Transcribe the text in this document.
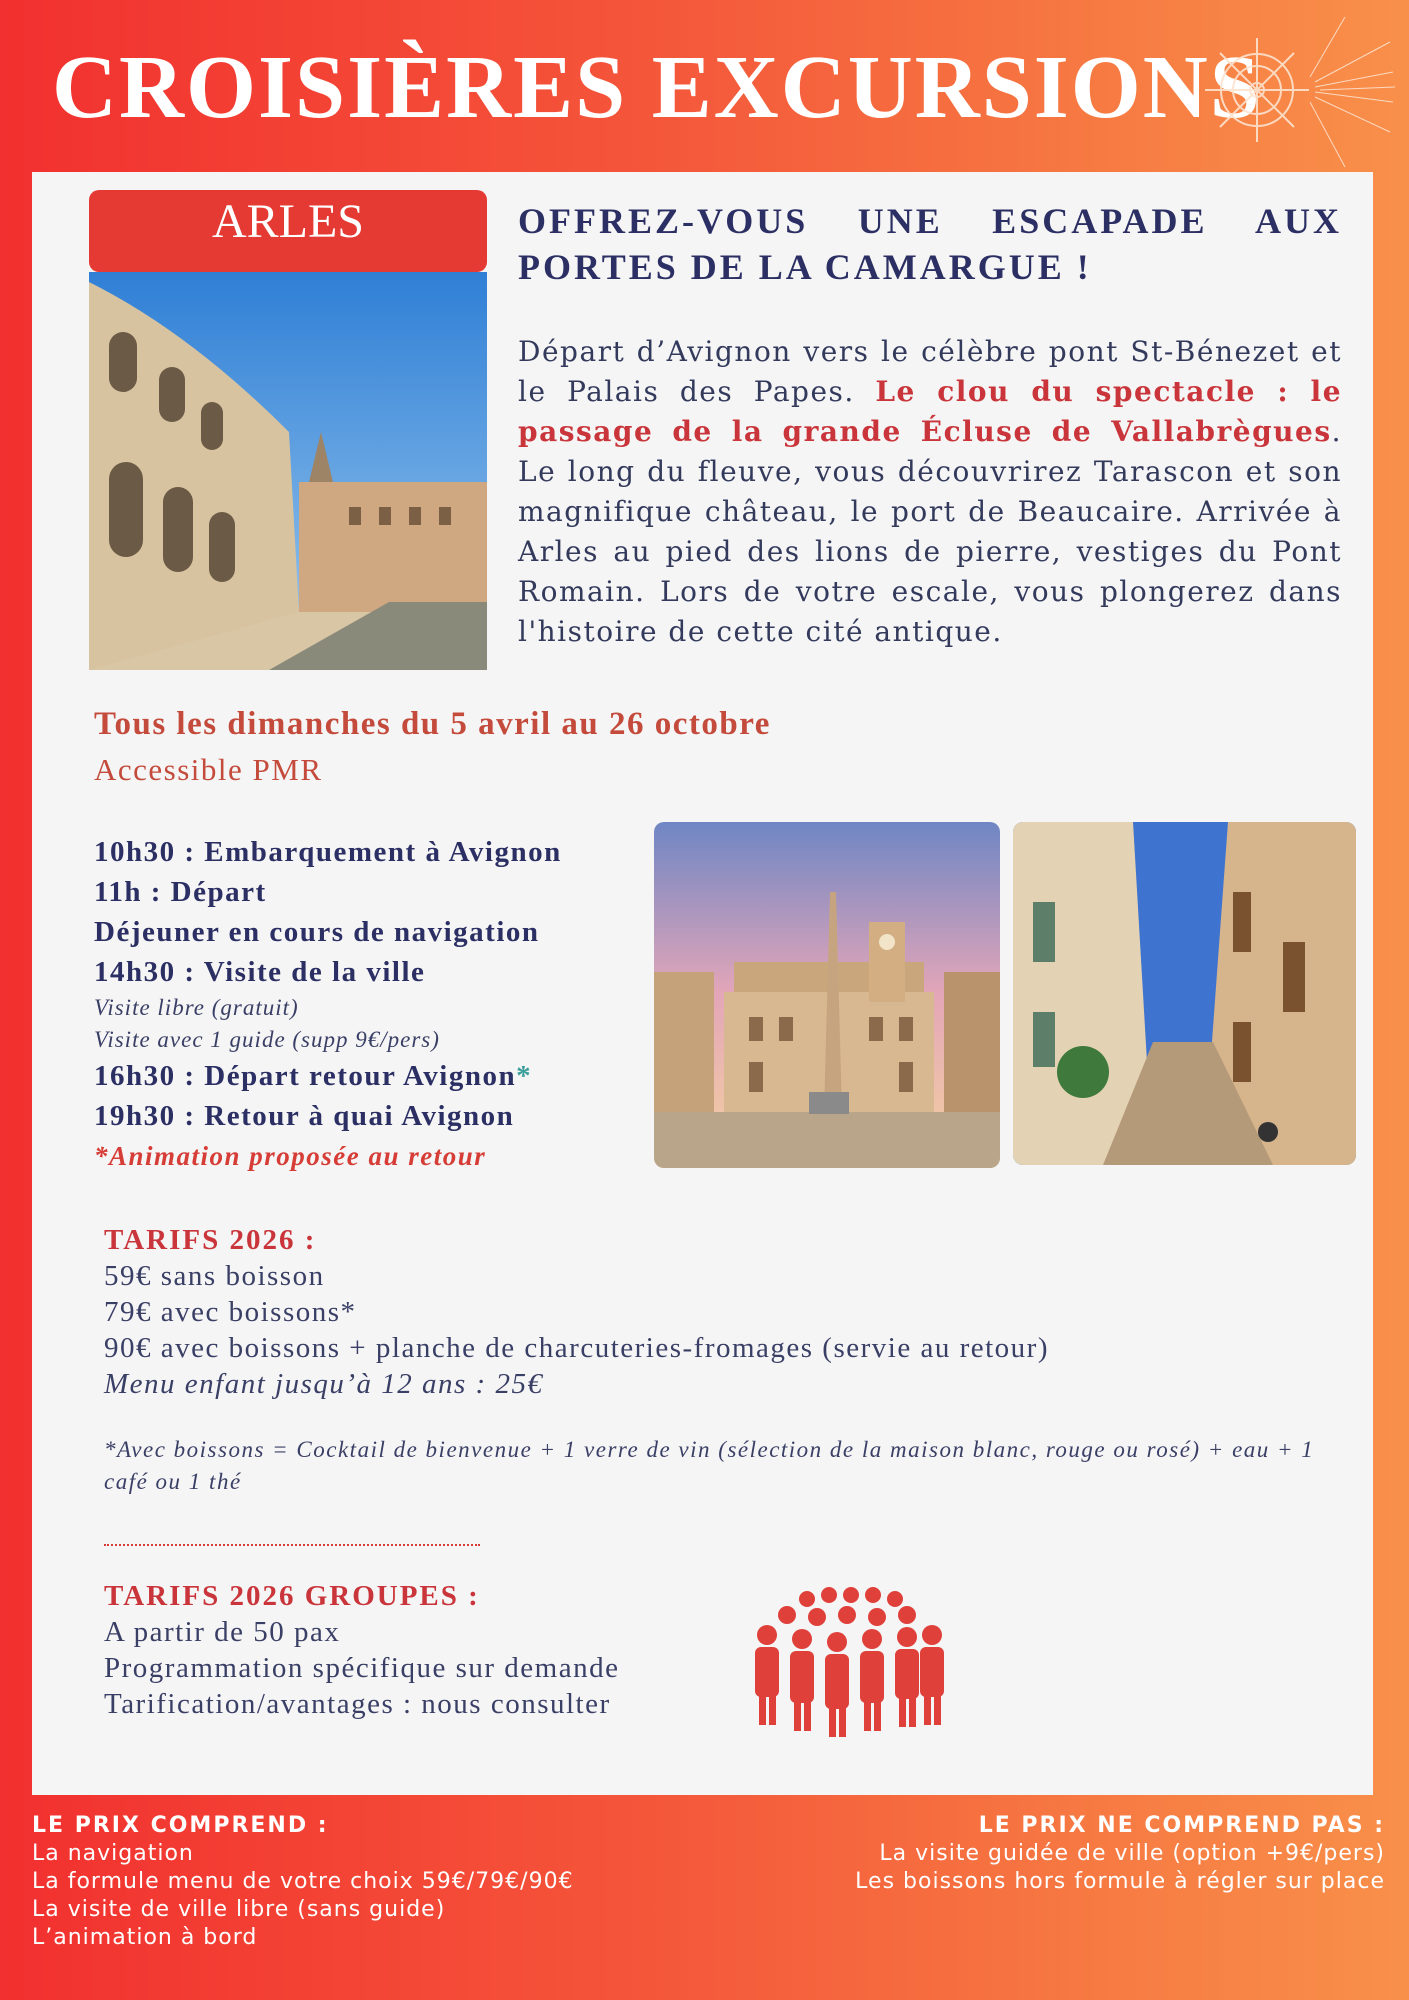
CROISIÈRES EXCURSIONS
ARLES	OFFREZ-VOUS UNE ESCAPADE AUX PORTES DE LA CAMARGUE !
Départ d’Avignon vers le célèbre pont St-Bénezet et le Palais des Papes. Le clou du spectacle : le passage de la grande Écluse de Vallabrègues. Le long du fleuve, vous découvrirez Tarascon et son magnifique château, le port de Beaucaire. Arrivée à Arles au pied des lions de pierre, vestiges du Pont Romain. Lors de votre escale, vous plongerez dans l'histoire de cette cité antique.
Tous les dimanches du 5 avril au 26 octobre
Accessible PMR
10h30 : Embarquement à Avignon
11h : Départ
Déjeuner en cours de navigation
14h30 : Visite de la ville
Visite libre (gratuit)
Visite avec 1 guide (supp 9€/pers)
16h30 : Départ retour Avignon*
19h30 : Retour à quai Avignon
*Animation proposée au retour
TARIFS 2026 :
59€ sans boisson
79€ avec boissons*
90€ avec boissons + planche de charcuteries-fromages (servie au retour)
Menu enfant jusqu’à 12 ans : 25€
*Avec boissons = Cocktail de bienvenue + 1 verre de vin (sélection de la maison blanc, rouge ou rosé) + eau + 1 café ou 1 thé
TARIFS 2026 GROUPES :
A partir de 50 pax
Programmation spécifique sur demande
Tarification/avantages : nous consulter
LE PRIX COMPREND :
La navigation
La formule menu de votre choix 59€/79€/90€
La visite de ville libre (sans guide)
L’animation à bord
LE PRIX NE COMPREND PAS :
La visite guidée de ville (option +9€/pers)
Les boissons hors formule à régler sur place
